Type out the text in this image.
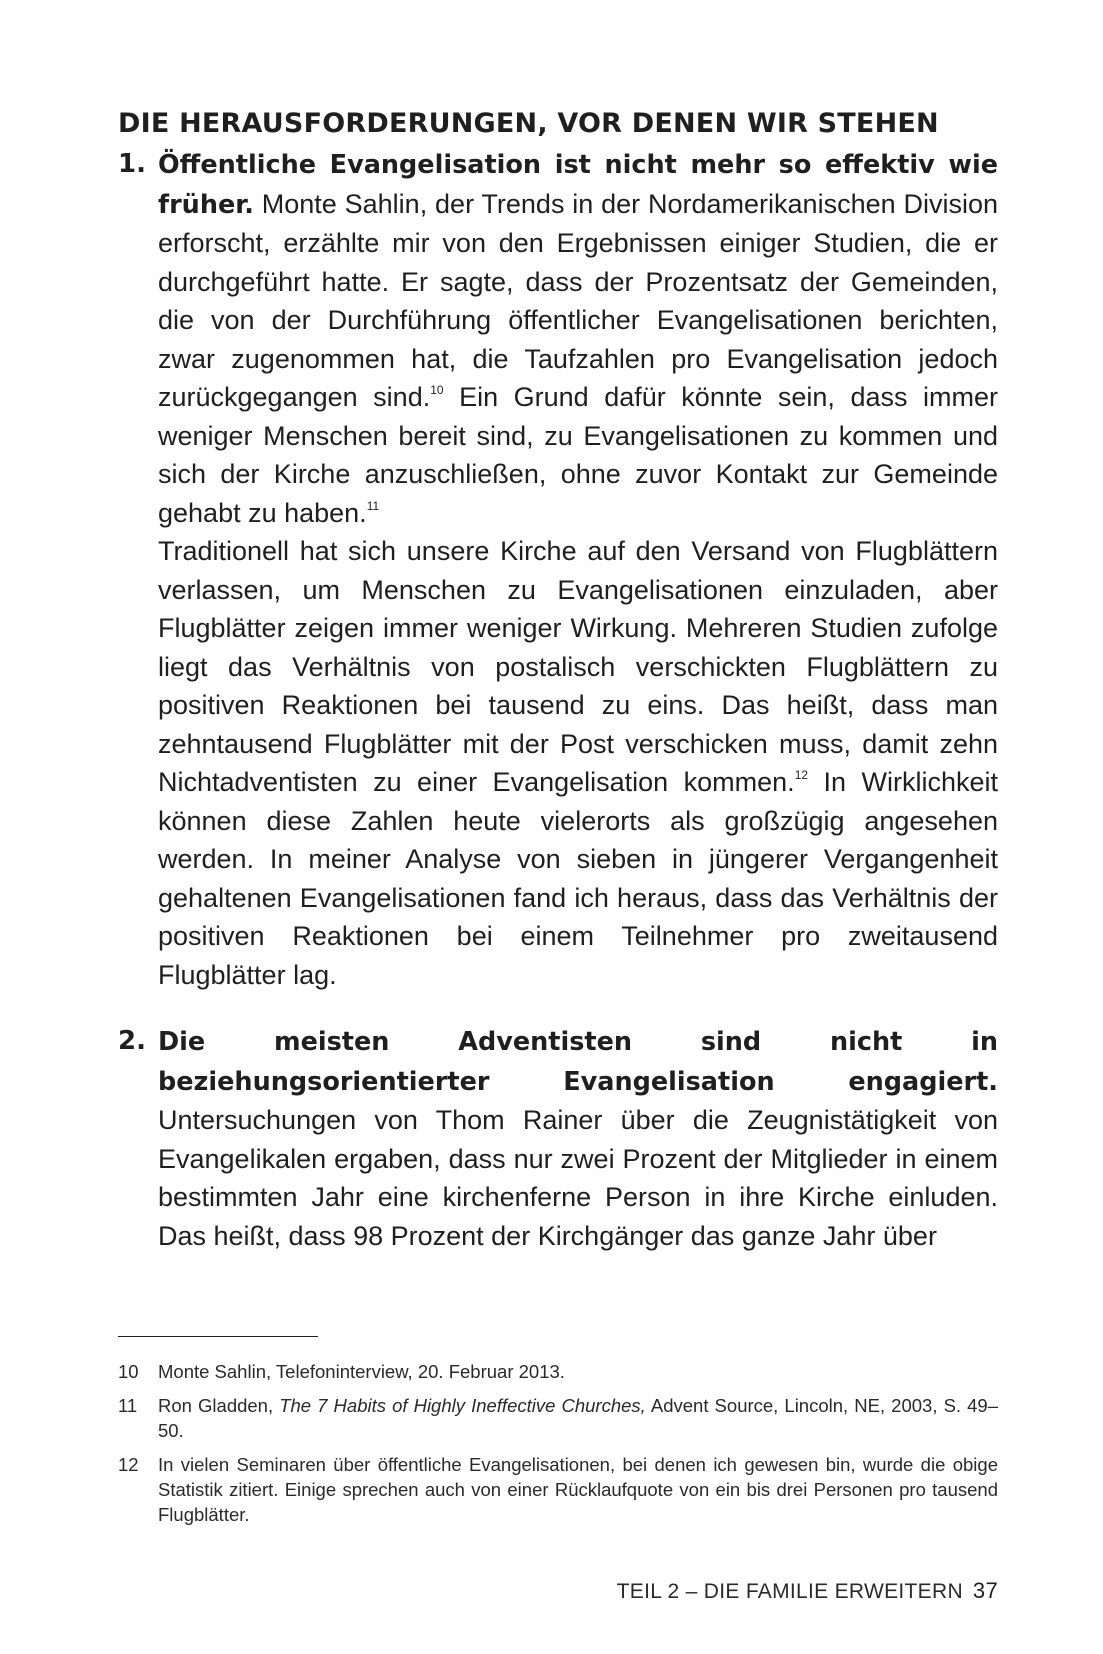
DIE HERAUSFORDERUNGEN, VOR DENEN WIR STEHEN
1. Öffentliche Evangelisation ist nicht mehr so effektiv wie früher. Monte Sahlin, der Trends in der Nordamerikanischen Division erforscht, erzählte mir von den Ergebnissen einiger Studien, die er durchgeführt hatte. Er sagte, dass der Prozentsatz der Gemeinden, die von der Durchführung öffentlicher Evangelisationen berichten, zwar zugenommen hat, die Taufzahlen pro Evangelisation jedoch zurückgegangen sind.$^{10}$ Ein Grund dafür könnte sein, dass immer weniger Menschen bereit sind, zu Evangelisationen zu kommen und sich der Kirche anzuschließen, ohne zuvor Kontakt zur Gemeinde gehabt zu haben.$^{11}$
Traditionell hat sich unsere Kirche auf den Versand von Flugblättern verlassen, um Menschen zu Evangelisationen einzuladen, aber Flugblätter zeigen immer weniger Wirkung. Mehreren Studien zufolge liegt das Verhältnis von postalisch verschickten Flugblättern zu positiven Reaktionen bei tausend zu eins. Das heißt, dass man zehntausend Flugblätter mit der Post verschicken muss, damit zehn Nichtadventisten zu einer Evangelisation kommen.$^{12}$ In Wirklichkeit können diese Zahlen heute vielerorts als großzügig angesehen werden. In meiner Analyse von sieben in jüngerer Vergangenheit gehaltenen Evangelisationen fand ich heraus, dass das Verhältnis der positiven Reaktionen bei einem Teilnehmer pro zweitausend Flugblätter lag.
2. Die meisten Adventisten sind nicht in beziehungsorientierter Evangelisation engagiert. Untersuchungen von Thom Rainer über die Zeugnistätigkeit von Evangelikalen ergaben, dass nur zwei Prozent der Mitglieder in einem bestimmten Jahr eine kirchenferne Person in ihre Kirche einluden. Das heißt, dass 98 Prozent der Kirchgänger das ganze Jahr über
10 Monte Sahlin, Telefoninterview, 20. Februar 2013.
11 Ron Gladden, The 7 Habits of Highly Ineffective Churches, Advent Source, Lincoln, NE, 2003, S. 49–50.
12 In vielen Seminaren über öffentliche Evangelisationen, bei denen ich gewesen bin, wurde die obige Statistik zitiert. Einige sprechen auch von einer Rücklaufquote von ein bis drei Personen pro tausend Flugblätter.
TEIL 2 – DIE FAMILIE ERWEITERN 37
